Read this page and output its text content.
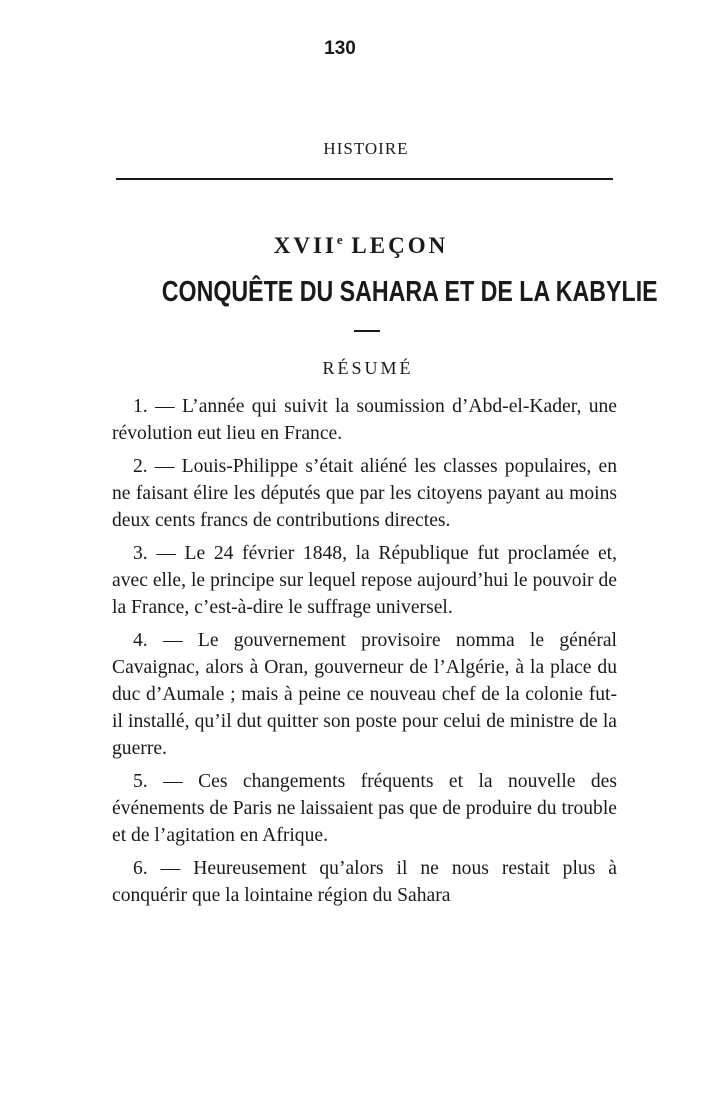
130
HISTOIRE
XVIIe LEÇON
CONQUÊTE DU SAHARA ET DE LA KABYLIE
RÉSUMÉ

1. — L’année qui suivit la soumission d’Abd-el-Kader, une révolution eut lieu en France.

2. — Louis-Philippe s’était aliéné les classes populaires, en ne faisant élire les députés que par les citoyens payant au moins deux cents francs de contributions directes.

3. — Le 24 février 1848, la République fut proclamée et, avec elle, le principe sur lequel repose aujourd’hui le pouvoir de la France, c’est-à-dire le suffrage universel.

4. — Le gouvernement provisoire nomma le général Cavaignac, alors à Oran, gouverneur de l’Algérie, à la place du duc d’Aumale ; mais à peine ce nouveau chef de la colonie fut-il installé, qu’il dut quitter son poste pour celui de ministre de la guerre.

5. — Ces changements fréquents et la nouvelle des événements de Paris ne laissaient pas que de produire du trouble et de l’agitation en Afrique.

6. — Heureusement qu’alors il ne nous restait plus à conquérir que la lointaine région du Sahara
